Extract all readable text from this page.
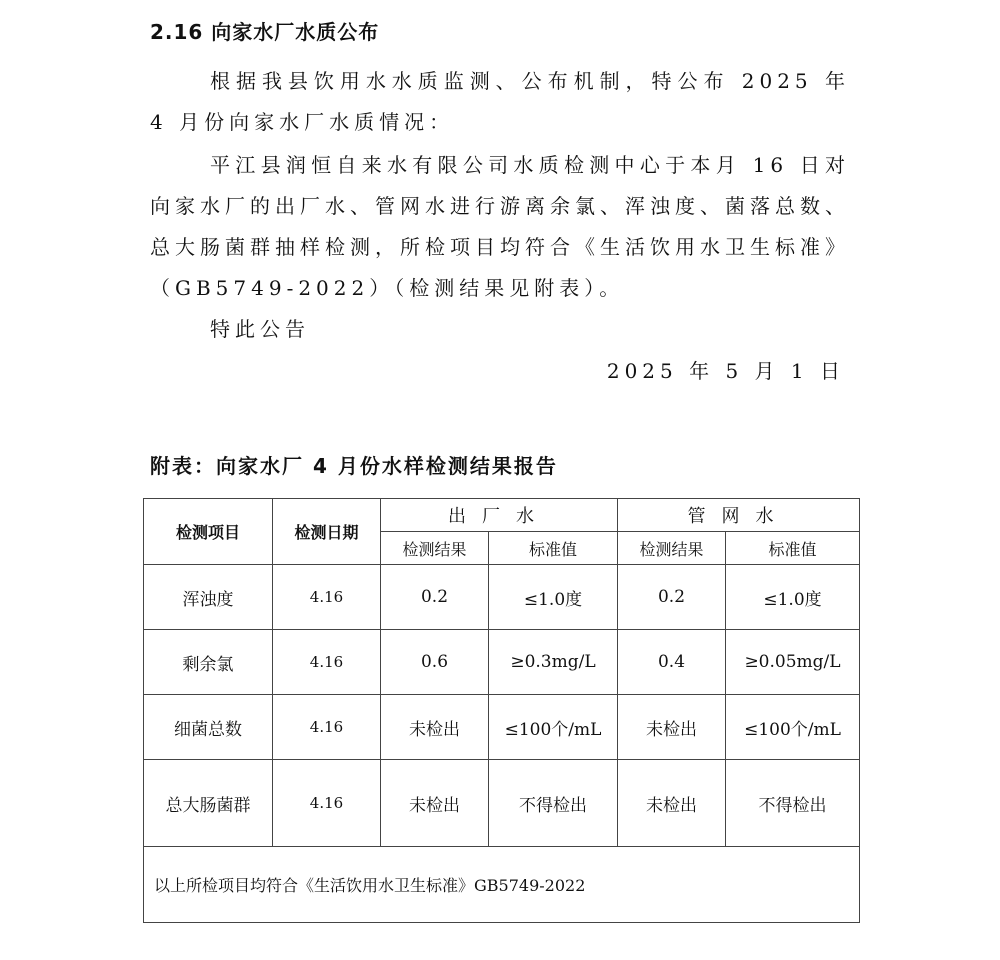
2.16 向家水厂水质公布
根据我县饮用水水质监测、公布机制，特公布 2025 年 4 月份向家水厂水质情况：
平江县润恒自来水有限公司水质检测中心于本月 16 日对向家水厂的出厂水、管网水进行游离余氯、浑浊度、菌落总数、总大肠菌群抽样检测，所检项目均符合《生活饮用水卫生标准》（GB5749-2022）（检测结果见附表）。
特此公告
2025 年 5 月 1 日
附表：向家水厂 4 月份水样检测结果报告
检测项目	检测日期	出厂水		管网水	
		检测结果	标准值	检测结果	标准值
浑浊度	4.16	0.2	≤1.0度	0.2	≤1.0度
剩余氯	4.16	0.6	≥0.3mg/L	0.4	≥0.05mg/L
细菌总数	4.16	未检出	≤100个/mL	未检出	≤100个/mL
总大肠菌群	4.16	未检出	不得检出	未检出	不得检出
以上所检项目均符合《生活饮用水卫生标准》GB5749-2022					
